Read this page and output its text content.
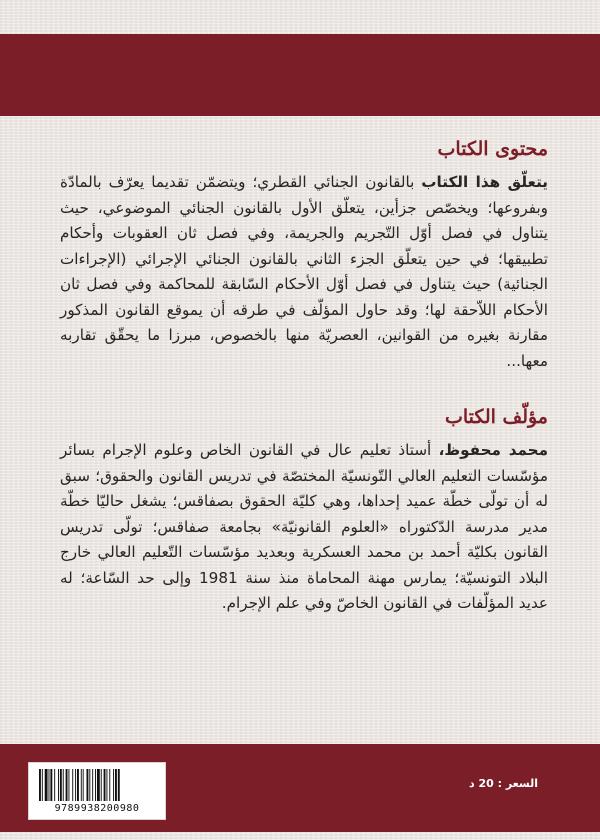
محتوى الكتاب

يتعلّق هذا الكتاب بالقانون الجنائي القطري؛ ويتضمّن تقديما يعرّف بالمادّة وبفروعها؛ ويخصّص جزأين، يتعلّق الأول بالقانون الجنائي الموضوعي، حيث يتناول في فصل أوّل التّجريم والجريمة، وفي فصل ثان العقوبات وأحكام تطبيقها؛ في حين يتعلّق الجزء الثاني بالقانون الجنائي الإجرائي (الإجراءات الجنائية) حيث يتناول في فصل أوّل الأحكام السّابقة للمحاكمة وفي فصل ثان الأحكام اللاّحقة لها؛ وقد حاول المؤلّف في طرقه أن يموقع القانون المذكور مقارنة بغيره من القوانين، العصريّة منها بالخصوص، مبرزا ما يحقّق تقاربه معها...

مؤلّف الكتاب

محمد محفوظ، أستاذ تعليم عال في القانون الخاص وعلوم الإجرام بسائر مؤسّسات التعليم العالي التّونسيّة المختصّة في تدريس القانون والحقوق؛ سبق له أن تولّى خطّة عميد إحداها، وهي كليّة الحقوق بصفاقس؛ يشغل حاليّا خطّة مدير مدرسة الدّكتوراه «العلوم القانونيّة» بجامعة صفاقس؛ تولّى تدريس القانون بكليّة أحمد بن محمد العسكرية وبعديد مؤسّسات التّعليم العالي خارج البلاد التونسيّة؛ يمارس مهنة المحاماة منذ سنة 1981 وإلى حد السّاعة؛ له عديد المؤلّفات في القانون الخاصّ وفي علم الإجرام.

9789938200980
السعر : 20 د
